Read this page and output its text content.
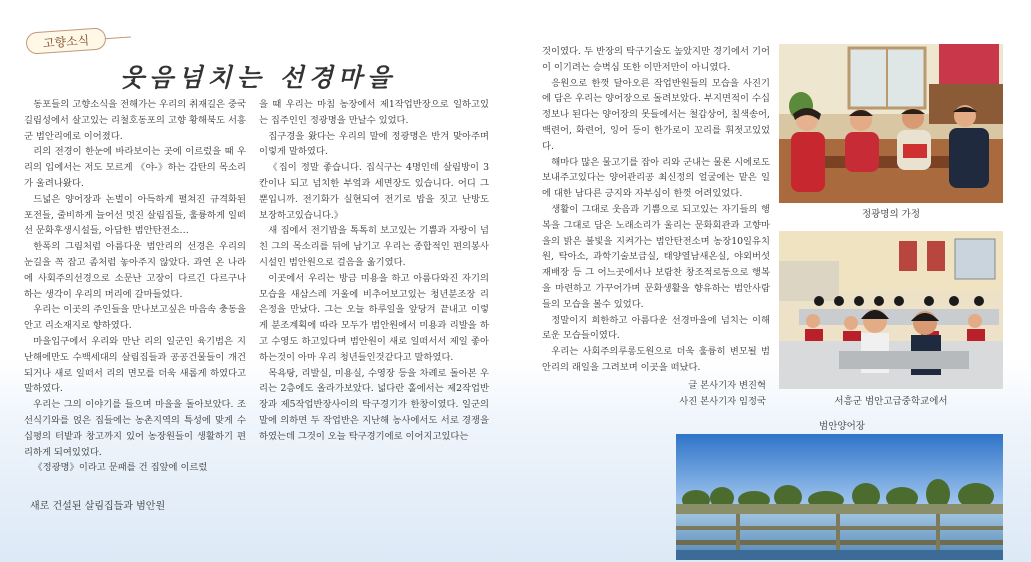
고향소식
웃음넘치는 선경마을

동포들의 고향소식을 전해가는 우리의 취재길은 중국 길림성에서 살고있는 리철호동포의 고향 황해북도 서흥군 범안리에로 이어졌다.

리의 전경이 한눈에 바라보이는 곳에 이르렀을 때 우리의 입에서는 저도 모르게 《야-》하는 감탄의 목소리가 울려나왔다.

드넓은 양어장과 논벌이 아득하게 펼쳐진 규격화된 포전들, 줄비하게 늘어선 멋진 살림집들, 훌륭하게 일떠선 문화후생시설들, 아담한 범안탄전소…

한폭의 그림처럼 아름다운 범안리의 선경은 우리의 눈길을 꼭 잡고 좀처럼 놓아주지 않았다. 과연 온 나라에 사회주의선경으로 소문난 고장이 다르긴 다르구나 하는 생각이 우리의 머리에 갈마들었다.

우리는 이곳의 주인들을 만나보고싶은 마음속 충동을 안고 리소재지로 향하였다.

마을입구에서 우리와 만난 리의 일군인 육기범은 지난해에만도 수백세대의 살림집들과 공공건물들이 개건되거나 새로 일떠서 리의 면모를 더욱 새롭게 하였다고 말하였다.

우리는 그의 이야기를 들으며 마을을 돌아보았다. 조선식기와를 얹은 집들에는 농촌지역의 특성에 맞게 수십평의 터밭과 창고까지 있어 농장원들이 생활하기 편리하게 되여있었다.

《정광명》이라고 문패를 건 집앞에 이르렀

을 때 우리는 마침 농장에서 제1작업반장으로 일하고있는 집주인인 정광명을 만날수 있었다.

집구경을 왔다는 우리의 말에 정광명은 반겨 맞아주며 이렇게 말하였다.

《집이 정말 좋습니다. 집식구는 4명인데 살림방이 3칸이나 되고 넘치한 부엌과 세면장도 있습니다. 어디 그뿐입니까. 전기화가 실현되여 전기로 밥을 짓고 난방도 보장하고있습니다.》

새 집에서 전기밥을 톡톡히 보고있는 기쁨과 자랑이 넘친 그의 목소리를 뒤에 남기고 우리는 종합적인 편의봉사시설인 범안원으로 걸음을 옮기였다.

이곳에서 우리는 방금 미용을 하고 아름다와진 자기의 모습을 새삼스레 거울에 비추어보고있는 청년분조장 리은정을 만났다. 그는 오늘 하루일을 앞당겨 끝내고 이렇게 분조계획에 따라 모두가 범안원에서 미용과 리발을 하고 수영도 하고있다며 범안원이 새로 일떠서서 제일 좋아하는것이 아마 우리 청년들인것같다고 말하였다.

목욕탕, 리발실, 미용실, 수영장 등을 차례로 돌아본 우리는 2층에도 올라가보았다. 넓다란 홀에서는 제2작업반장과 제5작업반장사이의 탁구경기가 한창이였다. 일군의 말에 의하면 두 작업반은 지난해 농사에서도 서로 경쟁을 하였는데 그것이 오늘 탁구경기에로 이어지고있다는

것이였다. 두 반장의 탁구기술도 높았지만 경기에서 기어이 이기려는 승벽심 또한 이만저만이 아니였다.

응원으로 한껏 달아오른 작업반원들의 모습을 사진기에 담은 우리는 양어장으로 돌려보았다. 부지면적이 수십정보나 된다는 양어장의 못들에서는 철갑상어, 칠색송어, 백련어, 화련어, 잉어 등이 한가로이 꼬리를 휘젓고있었다.

해마다 많은 물고기를 잡아 리와 군내는 물론 시에로도 보내주고있다는 양어관리공 최신정의 얼굴에는 맡은 일에 대한 남다른 긍지와 자부심이 한껏 어려있었다.

생활이 그대로 웃음과 기쁨으로 되고있는 자기들의 행복을 그대로 담은 노래소리가 울리는 문화회관과 고향마을의 밝은 불빛을 지켜가는 범안탄전소며 농장10일유치원, 탁아소, 과학기술보급실, 태양열남새온실, 야외버섯재배장 등 그 어느곳에서나 보람찬 창조적로동으로 행복을 마련하고 가꾸어가며 문화생활을 향유하는 범안사람들의 모습을 볼수 있었다.

정말이지 희한하고 아름다운 선경마을에 넘치는 이해로운 모습들이였다.

우리는 사회주의루롱도원으로 더욱 훌륭히 변모될 범안리의 래일을 그려보며 이곳을 떠났다.

글 본사기자 변진혁
사진 본사기자 임정국
새로 건설된 살림집들과 범안원
정광명의 가정
서흥군 범안고급중학교에서
범안양어장
